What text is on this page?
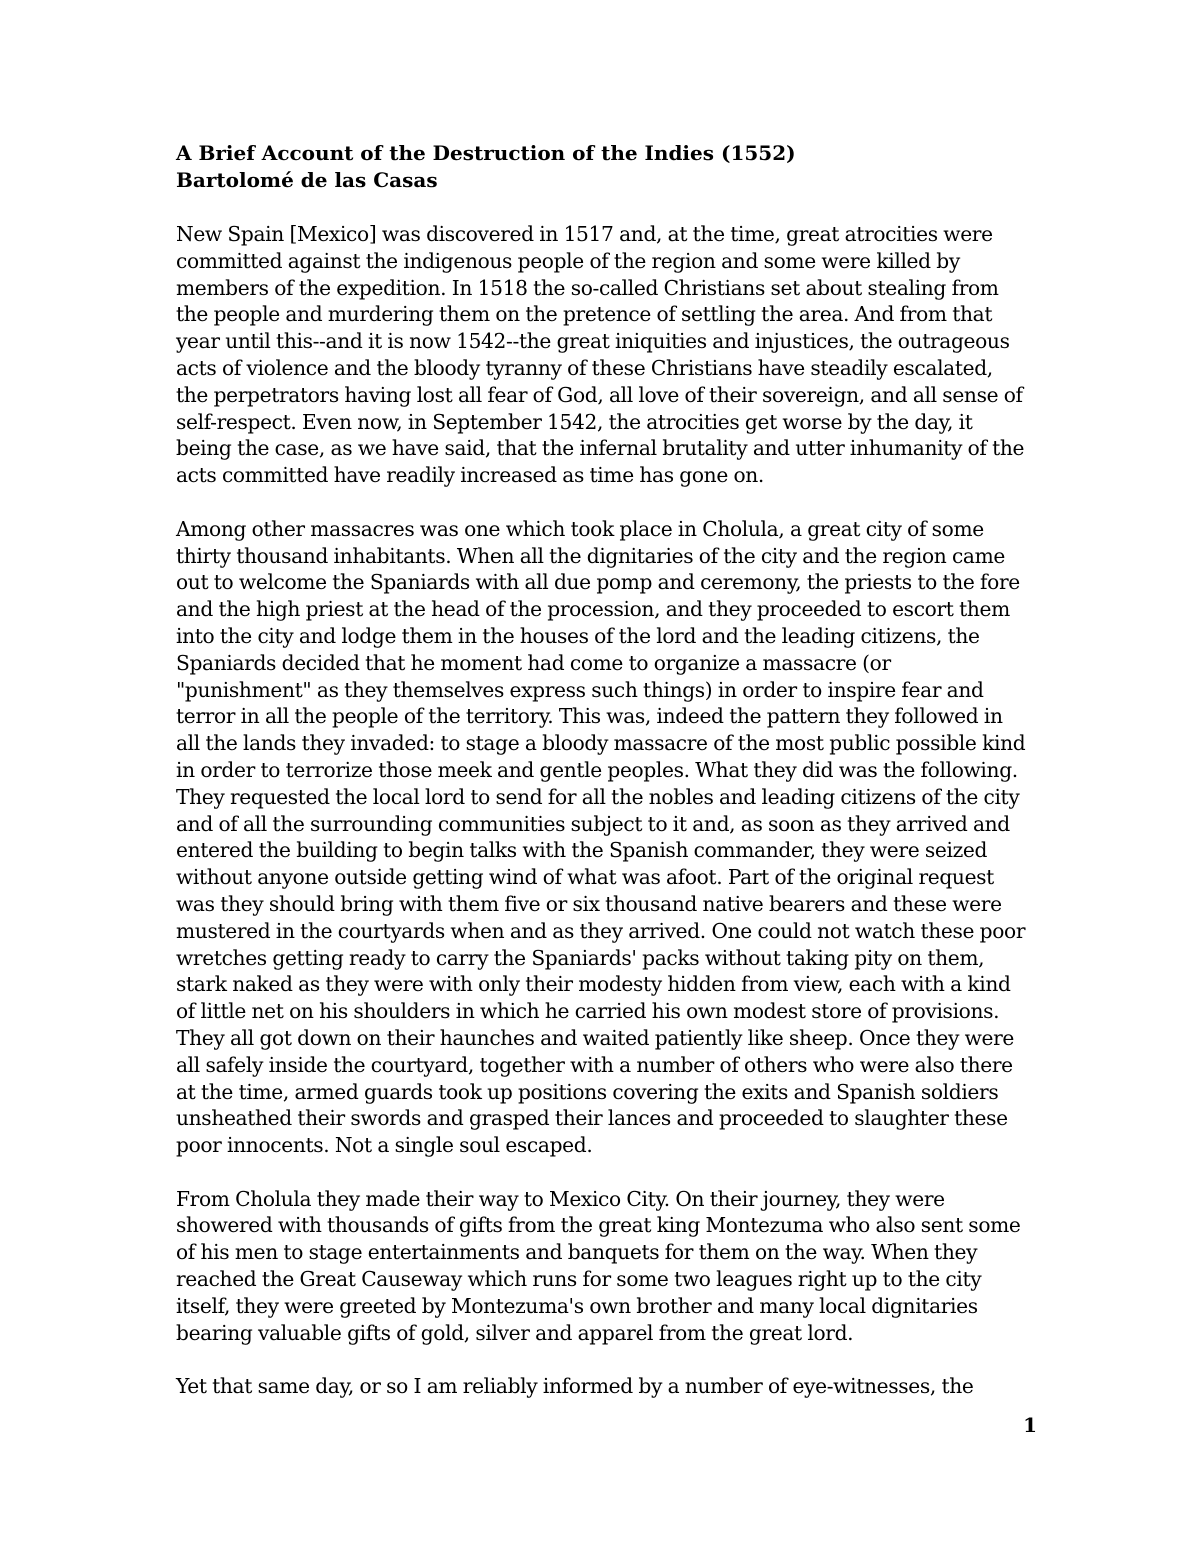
A Brief Account of the Destruction of the Indies (1552)

Bartolomé de las Casas

New Spain [Mexico] was discovered in 1517 and, at the time, great atrocities were committed against the indigenous people of the region and some were killed by members of the expedition. In 1518 the so-called Christians set about stealing from the people and murdering them on the pretence of settling the area. And from that year until this--and it is now 1542--the great iniquities and injustices, the outrageous acts of violence and the bloody tyranny of these Christians have steadily escalated, the perpetrators having lost all fear of God, all love of their sovereign, and all sense of self-respect. Even now, in September 1542, the atrocities get worse by the day, it being the case, as we have said, that the infernal brutality and utter inhumanity of the acts committed have readily increased as time has gone on.

Among other massacres was one which took place in Cholula, a great city of some thirty thousand inhabitants. When all the dignitaries of the city and the region came out to welcome the Spaniards with all due pomp and ceremony, the priests to the fore and the high priest at the head of the procession, and they proceeded to escort them into the city and lodge them in the houses of the lord and the leading citizens, the Spaniards decided that he moment had come to organize a massacre (or "punishment" as they themselves express such things) in order to inspire fear and terror in all the people of the territory. This was, indeed the pattern they followed in all the lands they invaded: to stage a bloody massacre of the most public possible kind in order to terrorize those meek and gentle peoples. What they did was the following. They requested the local lord to send for all the nobles and leading citizens of the city and of all the surrounding communities subject to it and, as soon as they arrived and entered the building to begin talks with the Spanish commander, they were seized without anyone outside getting wind of what was afoot. Part of the original request was they should bring with them five or six thousand native bearers and these were mustered in the courtyards when and as they arrived. One could not watch these poor wretches getting ready to carry the Spaniards' packs without taking pity on them, stark naked as they were with only their modesty hidden from view, each with a kind of little net on his shoulders in which he carried his own modest store of provisions. They all got down on their haunches and waited patiently like sheep. Once they were all safely inside the courtyard, together with a number of others who were also there at the time, armed guards took up positions covering the exits and Spanish soldiers unsheathed their swords and grasped their lances and proceeded to slaughter these poor innocents. Not a single soul escaped.

From Cholula they made their way to Mexico City. On their journey, they were showered with thousands of gifts from the great king Montezuma who also sent some of his men to stage entertainments and banquets for them on the way. When they reached the Great Causeway which runs for some two leagues right up to the city itself, they were greeted by Montezuma's own brother and many local dignitaries bearing valuable gifts of gold, silver and apparel from the great lord.

Yet that same day, or so I am reliably informed by a number of eye-witnesses, the

1
